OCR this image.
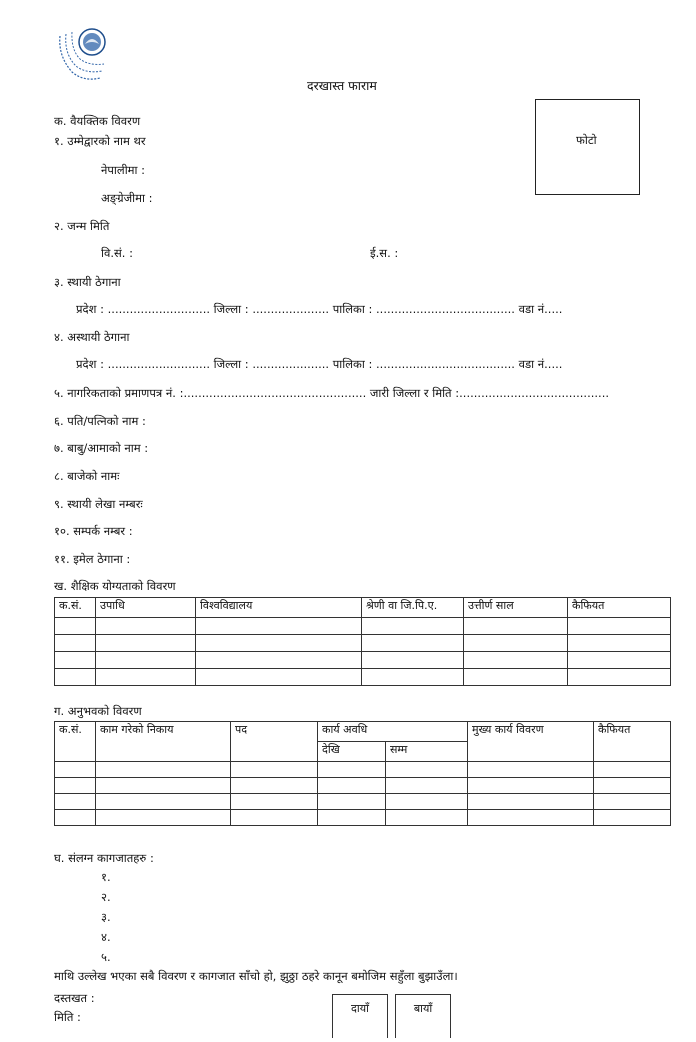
दरखास्त फाराम
फोटो
क. वैयक्तिक विवरण
१. उम्मेद्वारको नाम थर
नेपालीमा :
अङ्ग्रेजीमा :
२. जन्म मिति
वि.सं. :	ई.स. :
३. स्थायी ठेगाना
प्रदेश : ............................ जिल्ला : ..................... पालिका : ...................................... वडा नं.....
४. अस्थायी ठेगाना
प्रदेश : ............................ जिल्ला : ..................... पालिका : ...................................... वडा नं.....
५. नागरिकताको प्रमाणपत्र नं. :.................................................. जारी जिल्ला र मिति :.........................................
६. पति/पत्निको नाम :
७. बाबु/आमाको नाम :
८. बाजेको नामः
९. स्थायी लेखा नम्बरः
१०. सम्पर्क नम्बर :
११. इमेल ठेगाना :
ख. शैक्षिक योग्यताको विवरण
क.सं.	उपाधि	विश्वविद्यालय	श्रेणी वा जि.पि.ए.	उत्तीर्ण साल	कैफियत

ग. अनुभवको विवरण
क.सं.	काम गरेको निकाय	पद	कार्य अवधि		मुख्य कार्य विवरण	कैफियत
			देखि	सम्म		

घ. संलग्न कागजातहरु :
१.
२.
३.
४.
५.
माथि उल्लेख भएका सबै विवरण र कागजात साँचो हो, झुठ्ठा ठहरे कानून बमोजिम सहुँला बुझाउँला।
दस्तखत :
मिति :
दायाँ	बायाँ
